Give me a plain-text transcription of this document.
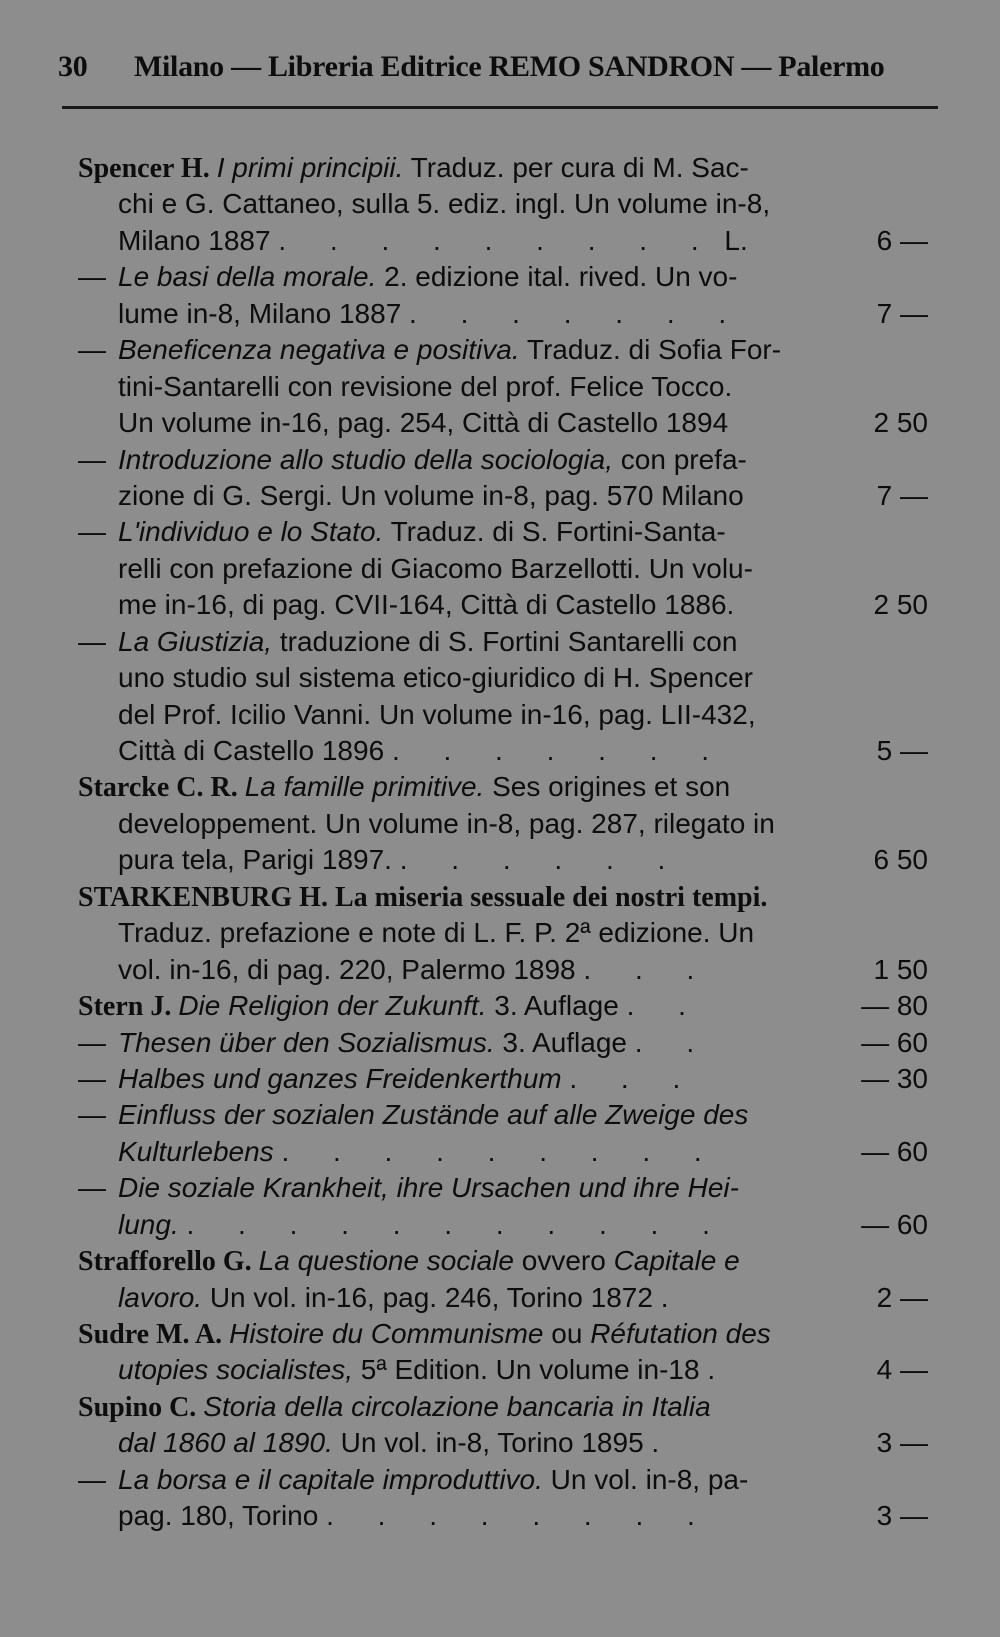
30 Milano — Libreria Editrice REMO SANDRON — Palermo
Spencer H. I primi principii. Traduz. per cura di M. Sac-
chi e G. Cattaneo, sulla 5. ediz. ingl. Un volume in-8,
Milano 1887 . . . . . . . . . L.	6 —
— Le basi della morale. 2. edizione ital. rived. Un vo-
lume in-8, Milano 1887 . . . . . . .	7 —
— Beneficenza negativa e positiva. Traduz. di Sofia For-
tini-Santarelli con revisione del prof. Felice Tocco.
Un volume in-16, pag. 254, Città di Castello 1894	2 50
— Introduzione allo studio della sociologia, con prefa-
zione di G. Sergi. Un volume in-8, pag. 570 Milano	7 —
— L'individuo e lo Stato. Traduz. di S. Fortini-Santa-
relli con prefazione di Giacomo Barzellotti. Un volu-
me in-16, di pag. CVII-164, Città di Castello 1886.	2 50
— La Giustizia, traduzione di S. Fortini Santarelli con
uno studio sul sistema etico-giuridico di H. Spencer
del Prof. Icilio Vanni. Un volume in-16, pag. LII-432,
Città di Castello 1896 . . . . . . .	5 —
Starcke C. R. La famille primitive. Ses origines et son
developpement. Un volume in-8, pag. 287, rilegato in
pura tela, Parigi 1897. . . . . . .	6 50
STARKENBURG H. La miseria sessuale dei nostri tempi.
Traduz. prefazione e note di L. F. P. 2ª edizione. Un
vol. in-16, di pag. 220, Palermo 1898 . . .	1 50
Stern J. Die Religion der Zukunft. 3. Auflage . .	— 80
— Thesen über den Sozialismus. 3. Auflage . .	— 60
— Halbes und ganzes Freidenkerthum . . .	— 30
— Einfluss der sozialen Zustände auf alle Zweige des
Kulturlebens . . . . . . . . .	— 60
— Die soziale Krankheit, ihre Ursachen und ihre Hei-
lung. . . . . . . . . . . .	— 60
Strafforello G. La questione sociale ovvero Capitale e
lavoro. Un vol. in-16, pag. 246, Torino 1872 .	2 —
Sudre M. A. Histoire du Communisme ou Réfutation des
utopies socialistes, 5ª Edition. Un volume in-18 .	4 —
Supino C. Storia della circolazione bancaria in Italia
dal 1860 al 1890. Un vol. in-8, Torino 1895 .	3 —
— La borsa e il capitale improduttivo. Un vol. in-8, pa-
pag. 180, Torino . . . . . . . .	3 —
